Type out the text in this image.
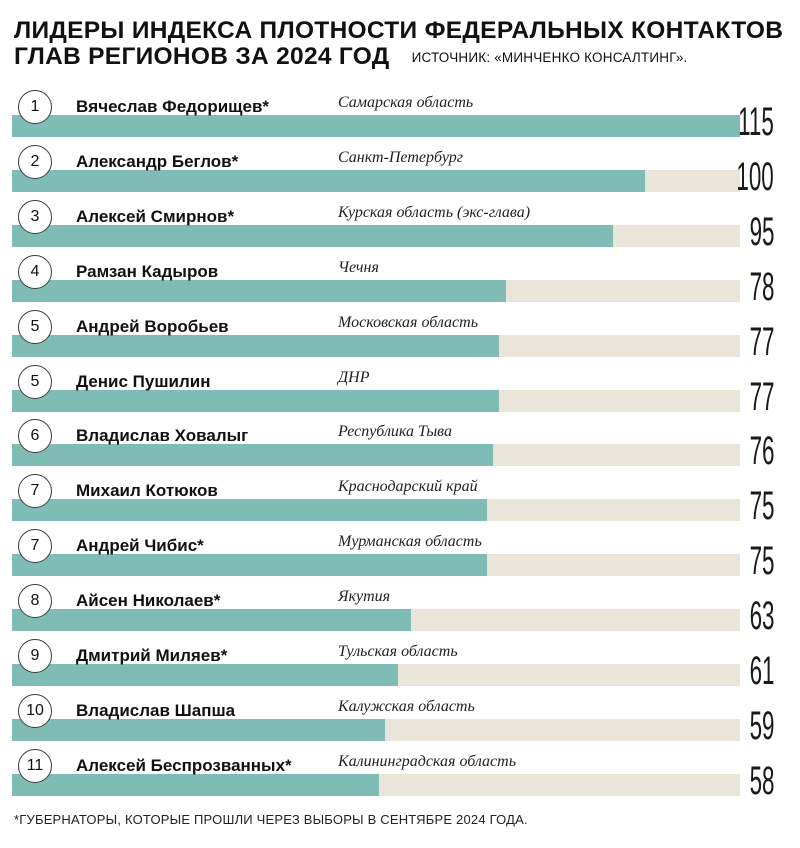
ЛИДЕРЫ ИНДЕКСА ПЛОТНОСТИ ФЕДЕРАЛЬНЫХ КОНТАКТОВ
ГЛАВ РЕГИОНОВ ЗА 2024 ГОД ИСТОЧНИК: «МИНЧЕНКО КОНСАЛТИНГ».
1	Вячеслав Федорищев*	Самарская область	115
2	Александр Беглов*	Санкт-Петербург	100
3	Алексей Смирнов*	Курская область (экс-глава)	95
4	Рамзан Кадыров	Чечня	78
5	Андрей Воробьев	Московская область	77
5	Денис Пушилин	ДНР	77
6	Владислав Ховалыг	Республика Тыва	76
7	Михаил Котюков	Краснодарский край	75
7	Андрей Чибис*	Мурманская область	75
8	Айсен Николаев*	Якутия	63
9	Дмитрий Миляев*	Тульская область	61
10	Владислав Шапша	Калужская область	59
11	Алексей Беспрозванных*	Калининградская область	58
*ГУБЕРНАТОРЫ, КОТОРЫЕ ПРОШЛИ ЧЕРЕЗ ВЫБОРЫ В СЕНТЯБРЕ 2024 ГОДА.
